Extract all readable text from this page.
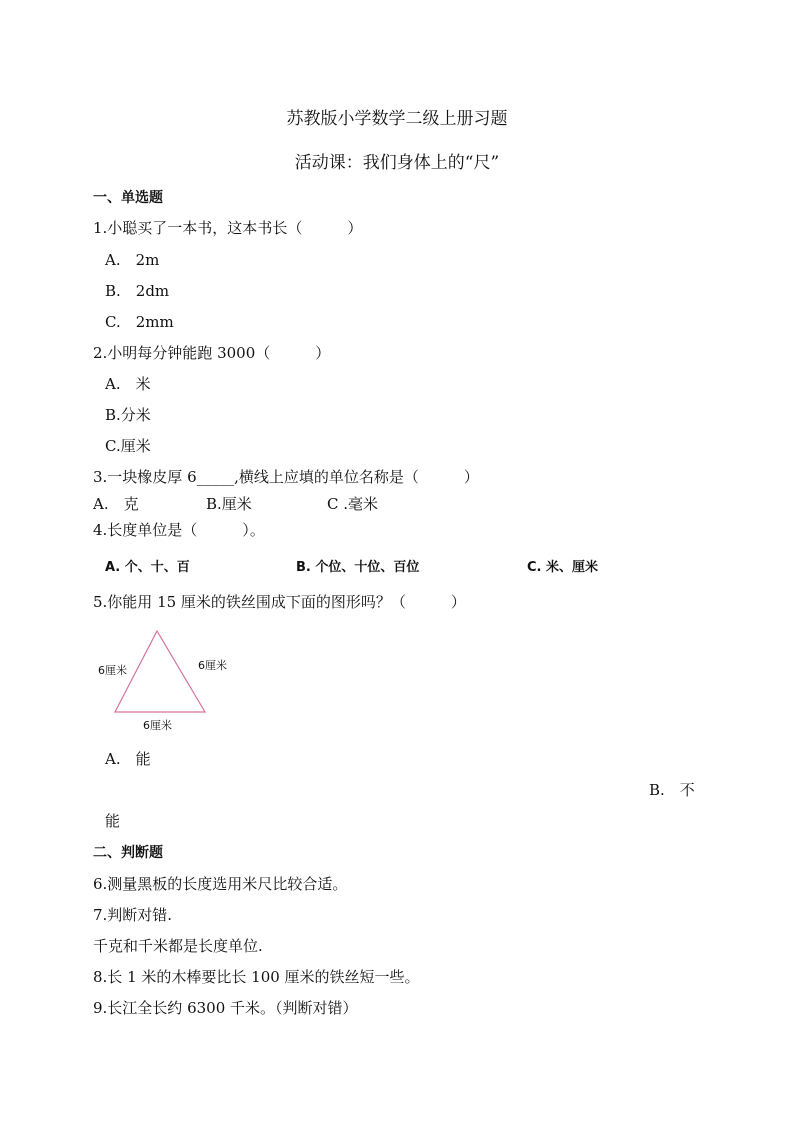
苏教版小学数学二级上册习题
活动课：我们身体上的“尺”
一、单选题
1.小聪买了一本书，这本书长（　　　）
A.　2m
B.　2dm
C.　2mm
2.小明每分钟能跑 3000（　　　）
A.　米
B.分米
C.厘米
3.一块橡皮厚 6_____,横线上应填的单位名称是（　　　）
A.　克	B.厘米	C .毫米
4.长度单位是（　　　）。
A. 个、十、百	B. 个位、十位、百位	C. 米、厘米
5.你能用 15 厘米的铁丝围成下面的图形吗？（　　　）
6厘米	6厘米
6厘米
A.　能
B.　不
能
二、判断题
6.测量黑板的长度选用米尺比较合适。
7.判断对错.
千克和千米都是长度单位.
8.长 1 米的木棒要比长 100 厘米的铁丝短一些。
9.长江全长约 6300 千米。（判断对错）
